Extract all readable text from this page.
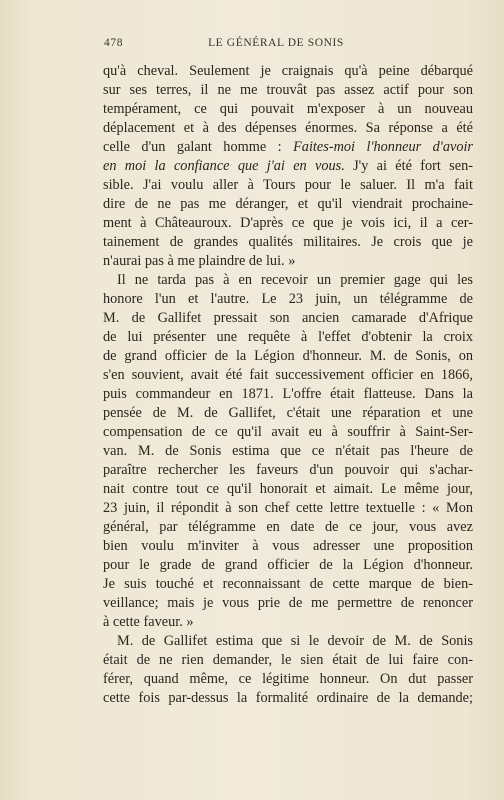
478	LE GÉNÉRAL DE SONIS
qu'à cheval. Seulement je craignais qu'à peine débarqué
sur ses terres, il ne me trouvât pas assez actif pour son
tempérament, ce qui pouvait m'exposer à un nouveau
déplacement et à des dépenses énormes. Sa réponse a été
celle d'un galant homme : Faites-moi l'honneur d'avoir
en moi la confiance que j'ai en vous. J'y ai été fort sen-
sible. J'ai voulu aller à Tours pour le saluer. Il m'a fait
dire de ne pas me déranger, et qu'il viendrait prochaine-
ment à Châteauroux. D'après ce que je vois ici, il a cer-
tainement de grandes qualités militaires. Je crois que je
n'aurai pas à me plaindre de lui. »
Il ne tarda pas à en recevoir un premier gage qui les
honore l'un et l'autre. Le 23 juin, un télégramme de
M. de Gallifet pressait son ancien camarade d'Afrique
de lui présenter une requête à l'effet d'obtenir la croix
de grand officier de la Légion d'honneur. M. de Sonis, on
s'en souvient, avait été fait successivement officier en 1866,
puis commandeur en 1871. L'offre était flatteuse. Dans la
pensée de M. de Gallifet, c'était une réparation et une
compensation de ce qu'il avait eu à souffrir à Saint-Ser-
van. M. de Sonis estima que ce n'était pas l'heure de
paraître rechercher les faveurs d'un pouvoir qui s'achar-
nait contre tout ce qu'il honorait et aimait. Le même jour,
23 juin, il répondit à son chef cette lettre textuelle : « Mon
général, par télégramme en date de ce jour, vous avez
bien voulu m'inviter à vous adresser une proposition
pour le grade de grand officier de la Légion d'honneur.
Je suis touché et reconnaissant de cette marque de bien-
veillance; mais je vous prie de me permettre de renoncer
à cette faveur. »
M. de Gallifet estima que si le devoir de M. de Sonis
était de ne rien demander, le sien était de lui faire con-
férer, quand même, ce légitime honneur. On dut passer
cette fois par-dessus la formalité ordinaire de la demande;
